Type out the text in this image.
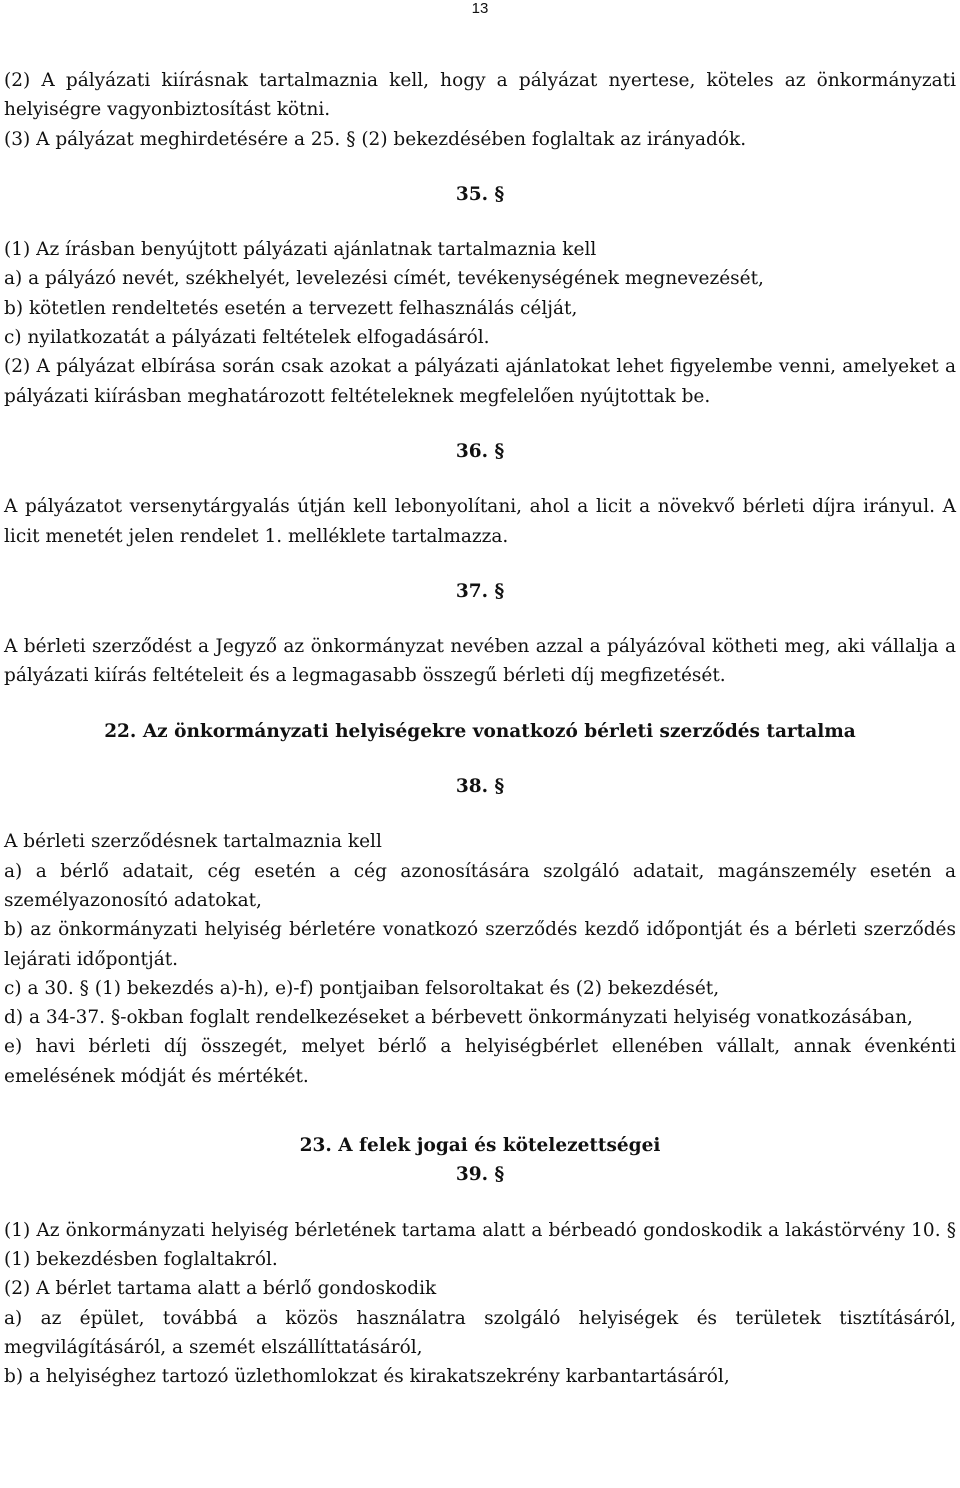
13

(2) A pályázati kiírásnak tartalmaznia kell, hogy a pályázat nyertese, köteles az önkormányzati helyiségre vagyonbiztosítást kötni.

(3) A pályázat meghirdetésére a 25. § (2) bekezdésében foglaltak az irányadók.

35. §

(1) Az írásban benyújtott pályázati ajánlatnak tartalmaznia kell

a) a pályázó nevét, székhelyét, levelezési címét, tevékenységének megnevezését,

b) kötetlen rendeltetés esetén a tervezett felhasználás célját,

c) nyilatkozatát a pályázati feltételek elfogadásáról.

(2) A pályázat elbírása során csak azokat a pályázati ajánlatokat lehet figyelembe venni, amelyeket a pályázati kiírásban meghatározott feltételeknek megfelelően nyújtottak be.

36. §

A pályázatot versenytárgyalás útján kell lebonyolítani, ahol a licit a növekvő bérleti díjra irányul. A licit menetét jelen rendelet 1. melléklete tartalmazza.

37. §

A bérleti szerződést a Jegyző az önkormányzat nevében azzal a pályázóval kötheti meg, aki vállalja a pályázati kiírás feltételeit és a legmagasabb összegű bérleti díj megfizetését.

22. Az önkormányzati helyiségekre vonatkozó bérleti szerződés tartalma

38. §

A bérleti szerződésnek tartalmaznia kell

a) a bérlő adatait, cég esetén a cég azonosítására szolgáló adatait, magánszemély esetén a személyazonosító adatokat,

b) az önkormányzati helyiség bérletére vonatkozó szerződés kezdő időpontját és a bérleti szerződés lejárati időpontját.

c) a 30. § (1) bekezdés a)-h), e)-f) pontjaiban felsoroltakat és (2) bekezdését,

d) a 34-37. §-okban foglalt rendelkezéseket a bérbevett önkormányzati helyiség vonatkozásában,

e) havi bérleti díj összegét, melyet bérlő a helyiségbérlet ellenében vállalt, annak évenkénti emelésének módját és mértékét.

23. A felek jogai és kötelezettségei

39. §

(1) Az önkormányzati helyiség bérletének tartama alatt a bérbeadó gondoskodik a lakástörvény 10. § (1) bekezdésben foglaltakról.

(2) A bérlet tartama alatt a bérlő gondoskodik

a) az épület, továbbá a közös használatra szolgáló helyiségek és területek tisztításáról, megvilágításáról, a szemét elszállíttatásáról,

b) a helyiséghez tartozó üzlethomlokzat és kirakatszekrény karbantartásáról,
